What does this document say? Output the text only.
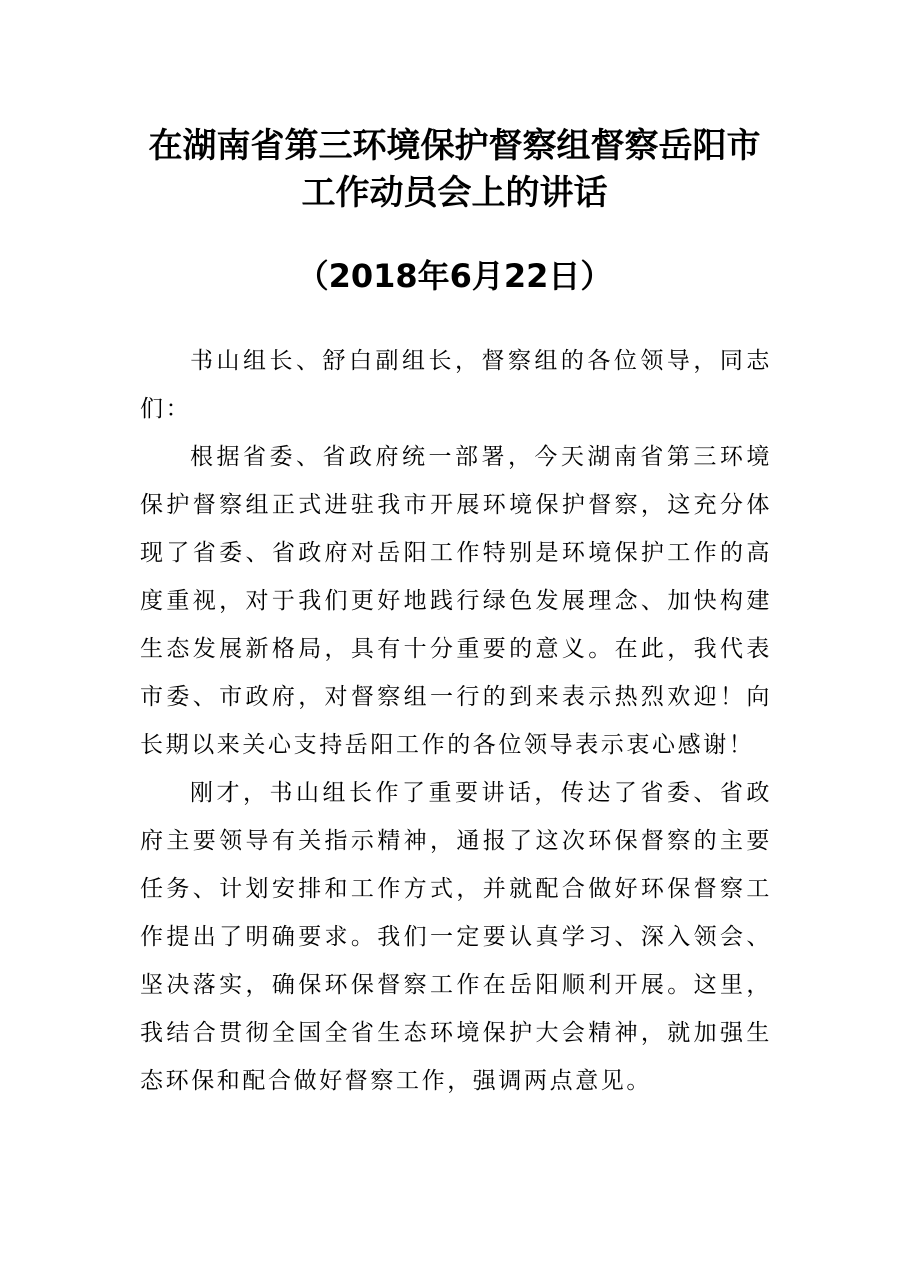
在湖南省第三环境保护督察组督察岳阳市
工作动员会上的讲话

（2018年6月22日）

书山组长、舒白副组长，督察组的各位领导，同志们：

根据省委、省政府统一部署，今天湖南省第三环境保护督察组正式进驻我市开展环境保护督察，这充分体现了省委、省政府对岳阳工作特别是环境保护工作的高度重视，对于我们更好地践行绿色发展理念、加快构建生态发展新格局，具有十分重要的意义。在此，我代表市委、市政府，对督察组一行的到来表示热烈欢迎！向长期以来关心支持岳阳工作的各位领导表示衷心感谢！

刚才，书山组长作了重要讲话，传达了省委、省政府主要领导有关指示精神，通报了这次环保督察的主要任务、计划安排和工作方式，并就配合做好环保督察工作提出了明确要求。我们一定要认真学习、深入领会、坚决落实，确保环保督察工作在岳阳顺利开展。这里，我结合贯彻全国全省生态环境保护大会精神，就加强生态环保和配合做好督察工作，强调两点意见。
